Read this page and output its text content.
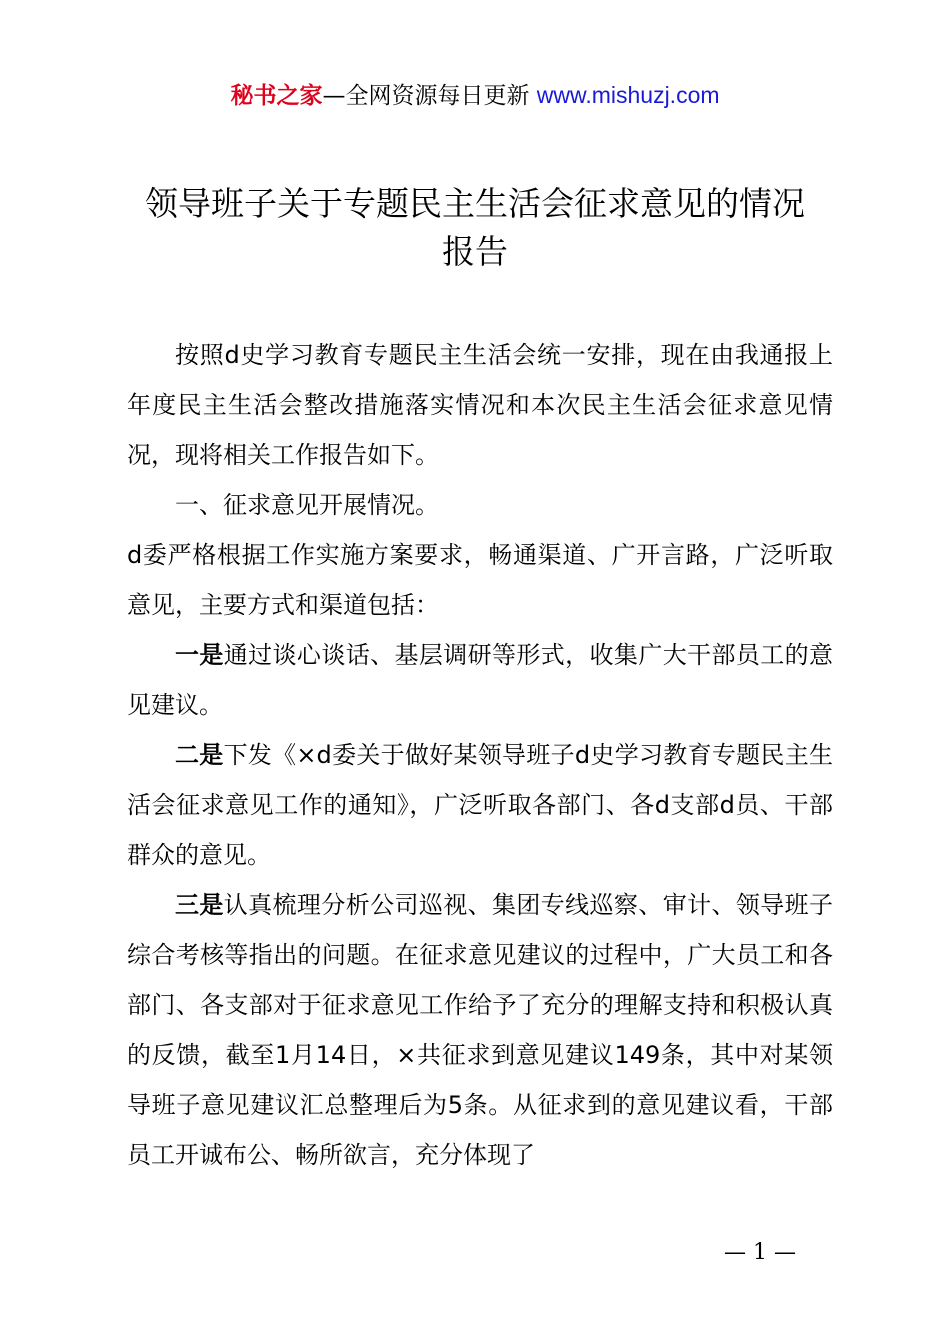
秘书之家—全网资源每日更新 www.mishuzj.com
领导班子关于专题民主生活会征求意见的情况
报告

按照d史学习教育专题民主生活会统一安排，现在由我通报上年度民主生活会整改措施落实情况和本次民主生活会征求意见情况，现将相关工作报告如下。

一、征求意见开展情况。

d委严格根据工作实施方案要求，畅通渠道、广开言路，广泛听取意见，主要方式和渠道包括：

一是通过谈心谈话、基层调研等形式，收集广大干部员工的意见建议。

二是下发《×d委关于做好某领导班子d史学习教育专题民主生活会征求意见工作的通知》，广泛听取各部门、各d支部d员、干部群众的意见。

三是认真梳理分析公司巡视、集团专线巡察、审计、领导班子综合考核等指出的问题。在征求意见建议的过程中，广大员工和各部门、各支部对于征求意见工作给予了充分的理解支持和积极认真的反馈，截至1月14日，×共征求到意见建议149条，其中对某领导班子意见建议汇总整理后为5条。从征求到的意见建议看，干部员工开诚布公、畅所欲言，充分体现了

— 1 —
